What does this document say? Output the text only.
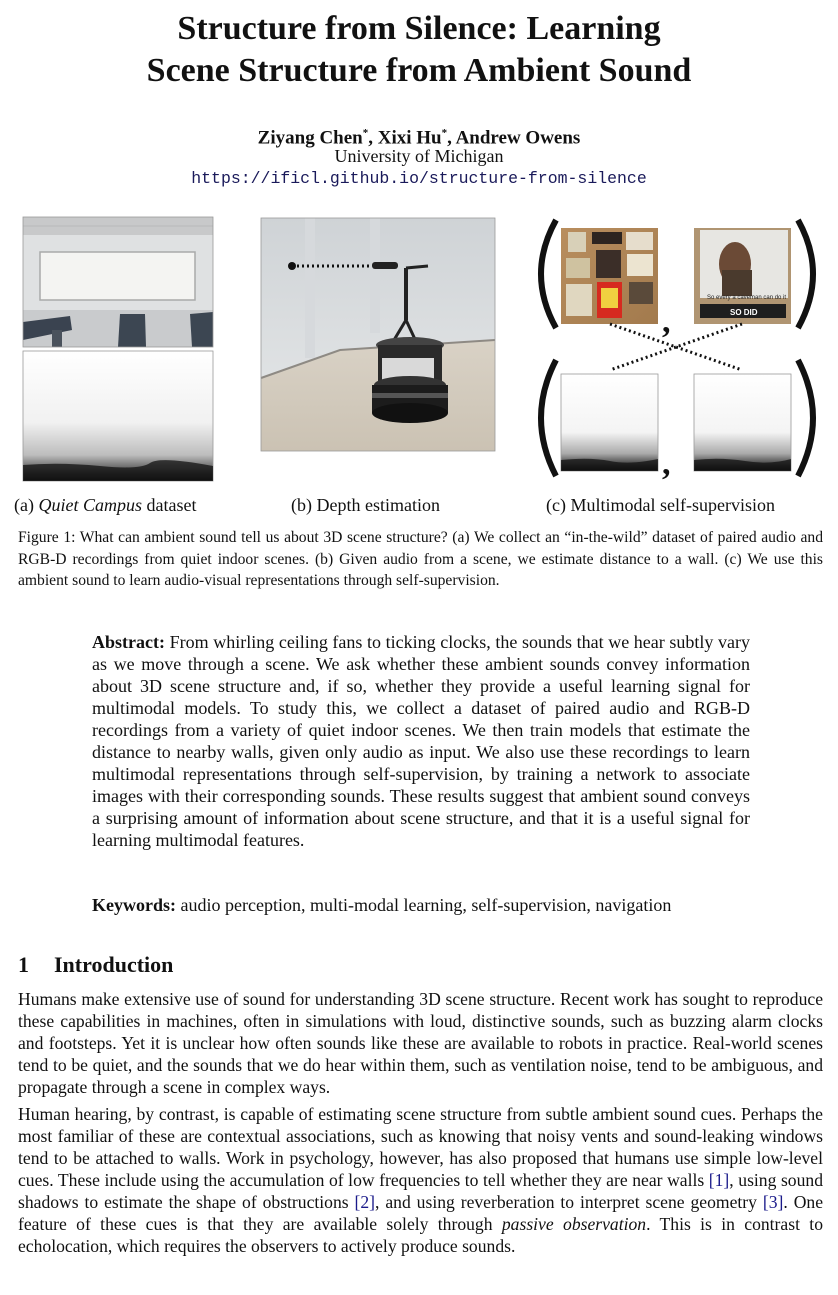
Structure from Silence: Learning
Scene Structure from Ambient Sound
Ziyang Chen*, Xixi Hu*, Andrew Owens
University of Michigan
https://ificl.github.io/structure-from-silence
So every a caveman can do it
SO DID
,
,
(a) Quiet Campus dataset	(b) Depth estimation	(c) Multimodal self-supervision
Figure 1: What can ambient sound tell us about 3D scene structure? (a) We collect an “in-the-wild” dataset of paired audio and RGB-D recordings from quiet indoor scenes. (b) Given audio from a scene, we estimate distance to a wall. (c) We use this ambient sound to learn audio-visual representations through self-supervision.
Abstract: From whirling ceiling fans to ticking clocks, the sounds that we hear subtly vary as we move through a scene. We ask whether these ambient sounds convey information about 3D scene structure and, if so, whether they provide a useful learning signal for multimodal models. To study this, we collect a dataset of paired audio and RGB-D recordings from a variety of quiet indoor scenes. We then train models that estimate the distance to nearby walls, given only audio as input. We also use these recordings to learn multimodal representations through self-supervision, by training a network to associate images with their corresponding sounds. These results suggest that ambient sound conveys a surprising amount of information about scene structure, and that it is a useful signal for learning multimodal features.
Keywords: audio perception, multi-modal learning, self-supervision, navigation
1 Introduction
Humans make extensive use of sound for understanding 3D scene structure. Recent work has sought to reproduce these capabilities in machines, often in simulations with loud, distinctive sounds, such as buzzing alarm clocks and footsteps. Yet it is unclear how often sounds like these are available to robots in practice. Real-world scenes tend to be quiet, and the sounds that we do hear within them, such as ventilation noise, tend to be ambiguous, and propagate through a scene in complex ways.
Human hearing, by contrast, is capable of estimating scene structure from subtle ambient sound cues. Perhaps the most familiar of these are contextual associations, such as knowing that noisy vents and sound-leaking windows tend to be attached to walls. Work in psychology, however, has also proposed that humans use simple low-level cues. These include using the accumulation of low frequencies to tell whether they are near walls [1], using sound shadows to estimate the shape of obstructions [2], and using reverberation to interpret scene geometry [3]. One feature of these cues is that they are available solely through passive observation. This is in contrast to echolocation, which requires the observers to actively produce sounds.
